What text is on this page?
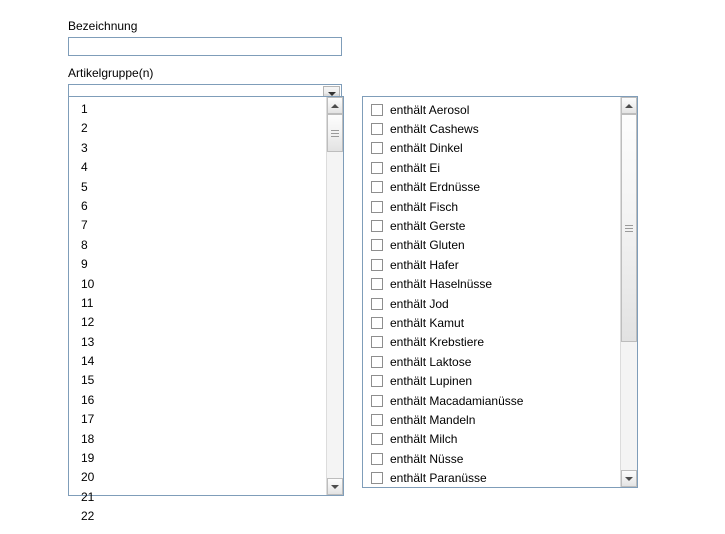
Bezeichnung
Artikelgruppe(n)
1
2
3
4
5
6
7
8
9
10
11
12
13
14
15
16
17
18
19
20
21
22
enthält Aerosol
enthält Cashews
enthält Dinkel
enthält Ei
enthält Erdnüsse
enthält Fisch
enthält Gerste
enthält Gluten
enthält Hafer
enthält Haselnüsse
enthält Jod
enthält Kamut
enthält Krebstiere
enthält Laktose
enthält Lupinen
enthält Macadamianüsse
enthält Mandeln
enthält Milch
enthält Nüsse
enthält Paranüsse
